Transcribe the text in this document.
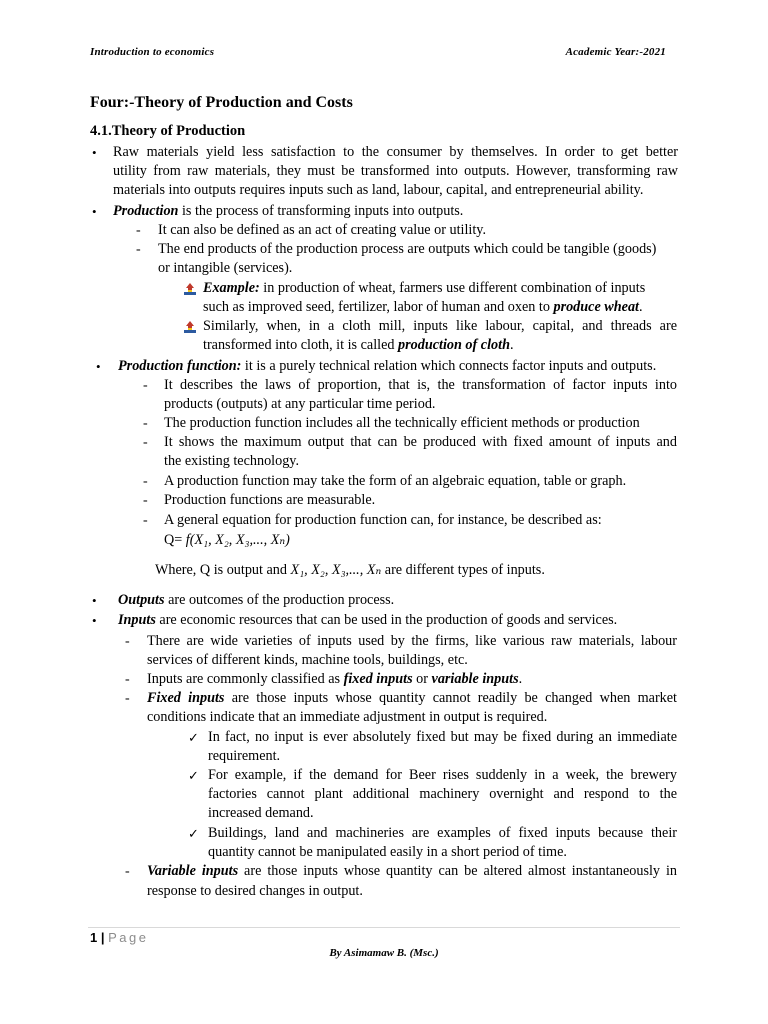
Introduction to economics	Academic Year:-2021
Four:-Theory of Production and Costs
4.1.Theory of Production
• Raw materials yield less satisfaction to the consumer by themselves. In order to get better
utility from raw materials, they must be transformed into outputs. However, transforming raw
materials into outputs requires inputs such as land, labour, capital, and entrepreneurial ability.
• Production is the process of transforming inputs into outputs.
- It can also be defined as an act of creating value or utility.
- The end products of the production process are outputs which could be tangible (goods)
or intangible (services).
Example: in production of wheat, farmers use different combination of inputs
such as improved seed, fertilizer, labor of human and oxen to produce wheat.
Similarly, when, in a cloth mill, inputs like labour, capital, and threads are
transformed into cloth, it is called production of cloth.
• Production function: it is a purely technical relation which connects factor inputs and outputs.
- It describes the laws of proportion, that is, the transformation of factor inputs into
products (outputs) at any particular time period.
- The production function includes all the technically efficient methods or production
- It shows the maximum output that can be produced with fixed amount of inputs and
the existing technology.
- A production function may take the form of an algebraic equation, table or graph.
- Production functions are measurable.
- A general equation for production function can, for instance, be described as:
Q= f(X₁, X₂, X₃,..., Xₙ)
Where, Q is output and X₁, X₂, X₃,..., Xₙ are different types of inputs.
• Outputs are outcomes of the production process.
• Inputs are economic resources that can be used in the production of goods and services.
- There are wide varieties of inputs used by the firms, like various raw materials, labour
services of different kinds, machine tools, buildings, etc.
- Inputs are commonly classified as fixed inputs or variable inputs.
- Fixed inputs are those inputs whose quantity cannot readily be changed when market
conditions indicate that an immediate adjustment in output is required.
✓ In fact, no input is ever absolutely fixed but may be fixed during an immediate
requirement.
✓ For example, if the demand for Beer rises suddenly in a week, the brewery
factories cannot plant additional machinery overnight and respond to the
increased demand.
✓ Buildings, land and machineries are examples of fixed inputs because their
quantity cannot be manipulated easily in a short period of time.
- Variable inputs are those inputs whose quantity can be altered almost instantaneously in
response to desired changes in output.
1 | Page
By Asimamaw B. (Msc.)
